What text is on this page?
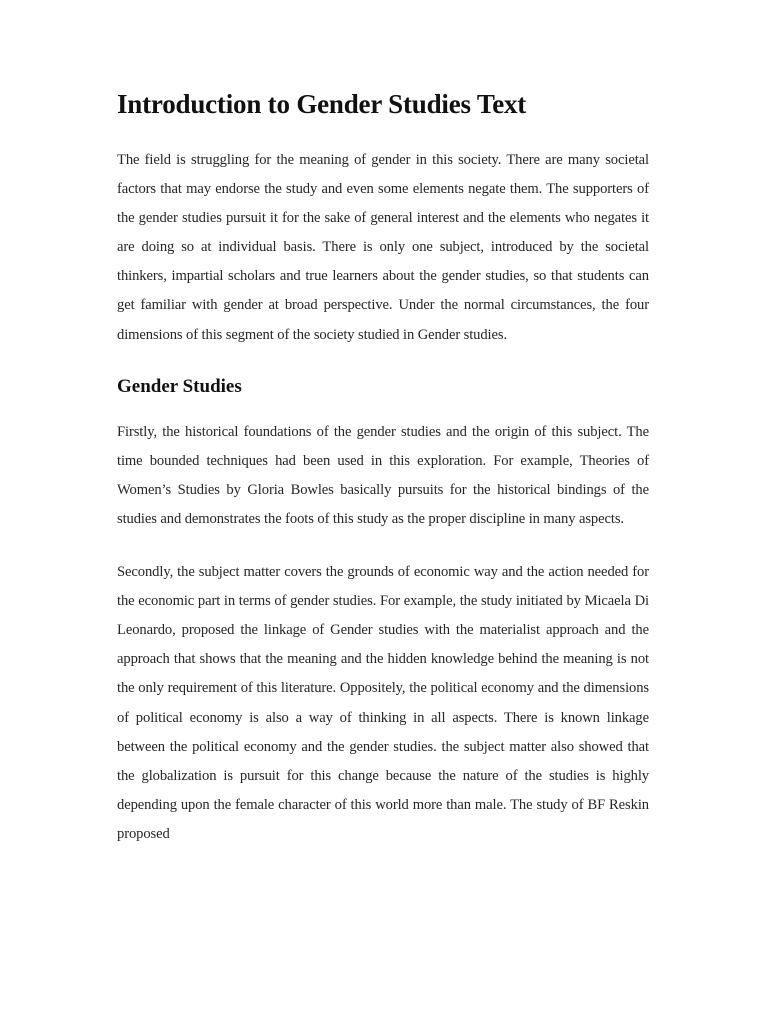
Introduction to Gender Studies Text

The field is struggling for the meaning of gender in this society. There are many societal factors that may endorse the study and even some elements negate them. The supporters of the gender studies pursuit it for the sake of general interest and the elements who negates it are doing so at individual basis. There is only one subject, introduced by the societal thinkers, impartial scholars and true learners about the gender studies, so that students can get familiar with gender at broad perspective. Under the normal circumstances, the four dimensions of this segment of the society studied in Gender studies.

Gender Studies

Firstly, the historical foundations of the gender studies and the origin of this subject. The time bounded techniques had been used in this exploration. For example, Theories of Women’s Studies by Gloria Bowles basically pursuits for the historical bindings of the studies and demonstrates the foots of this study as the proper discipline in many aspects.

Secondly, the subject matter covers the grounds of economic way and the action needed for the economic part in terms of gender studies. For example, the study initiated by Micaela Di Leonardo, proposed the linkage of Gender studies with the materialist approach and the approach that shows that the meaning and the hidden knowledge behind the meaning is not the only requirement of this literature. Oppositely, the political economy and the dimensions of political economy is also a way of thinking in all aspects. There is known linkage between the political economy and the gender studies. the subject matter also showed that the globalization is pursuit for this change because the nature of the studies is highly depending upon the female character of this world more than male. The study of BF Reskin proposed
